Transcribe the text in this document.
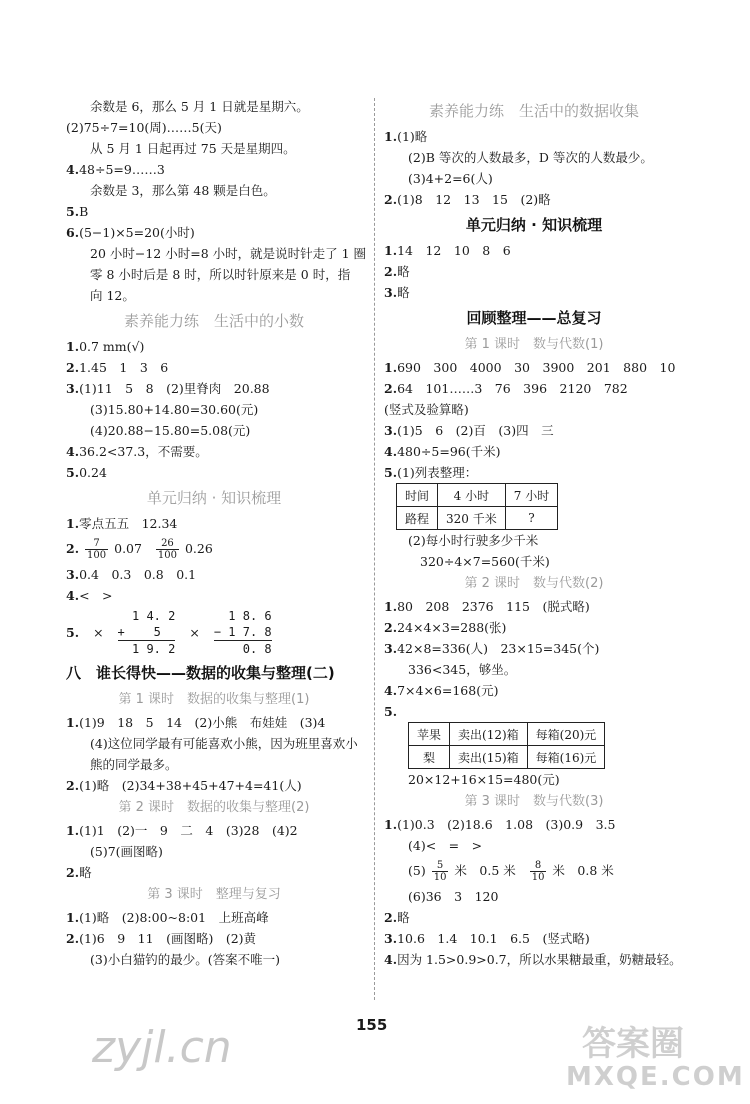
余数是 6，那么 5 月 1 日就是星期六。
(2)75÷7=10(周)……5(天)
从 5 月 1 日起再过 75 天是星期四。
4.48÷5=9……3
余数是 3，那么第 48 颗是白色。
5.B
6.(5−1)×5=20(小时)
20 小时−12 小时=8 小时，就是说时针走了 1 圈
零 8 小时后是 8 时，所以时针原来是 0 时，指
向 12。
素养能力练　生活中的小数
1.0.7 mm(√)
2.1.45　1　3　6
3.(1)11　5　8　(2)里脊肉　20.88
(3)15.80+14.80=30.60(元)
(4)20.88−15.80=5.08(元)
4.36.2<37.3，不需要。
5.0.24
单元归纳 · 知识梳理
1.零点五五　12.34
2. $\frac{7}{100} 0.07 \frac{26}{100} 0.26$
3.0.4　0.3　0.8　0.1
4.<　>
5. ×
1 4. 2
+    5
1 9. 2
×
1 8. 6
− 1 7. 8
0. 8
八　谁长得快——数据的收集与整理(二)
第 1 课时　数据的收集与整理(1)
1.(1)9　18　5　14　(2)小熊　布娃娃　(3)4
(4)这位同学最有可能喜欢小熊，因为班里喜欢小
熊的同学最多。
2.(1)略　(2)34+38+45+47+4=41(人)
第 2 课时　数据的收集与整理(2)
1.(1)1　(2)一　9　二　4　(3)28　(4)2
(5)7(画图略)
2.略
第 3 课时　整理与复习
1.(1)略　(2)8:00~8:01　上班高峰
2.(1)6　9　11　(画图略)　(2)黄
(3)小白猫钓的最少。(答案不唯一)
素养能力练　生活中的数据收集
1.(1)略
(2)B 等次的人数最多，D 等次的人数最少。
(3)4+2=6(人)
2.(1)8　12　13　15　(2)略
单元归纳 · 知识梳理
1.14　12　10　8　6
2.略
3.略
回顾整理——总复习
第 1 课时　数与代数(1)
1.690　300　4000　30　3900　201　880　10
2.64　101……3　76　396　2120　782
(竖式及验算略)
3.(1)5　6　(2)百　(3)四　三
4.480÷5=96(千米)
5.(1)列表整理：
时间	4 小时	7 小时
路程	320 千米	?
(2)每小时行驶多少千米
320÷4×7=560(千米)
第 2 课时　数与代数(2)
1.80　208　2376　115　(脱式略)
2.24×4×3=288(张)
3.42×8=336(人)　23×15=345(个)
336<345，够坐。
4.7×4×6=168(元)
5.
苹果	卖出(12)箱	每箱(20)元
梨	卖出(15)箱	每箱(16)元
20×12+16×15=480(元)
第 3 课时　数与代数(3)
1.(1)0.3　(2)18.6　1.08　(3)0.9　3.5
(4)<　=　>
$(5) \frac{5}{10}$ 米　0.5 米 $\frac{8}{10}$ 米　0.8 米
(6)36　3　120
2.略
3.10.6　1.4　10.1　6.5　(竖式略)
4.因为 1.5>0.9>0.7，所以水果糖最重，奶糖最轻。
155
zyjl.cn	答案圈
MXQE.COM
